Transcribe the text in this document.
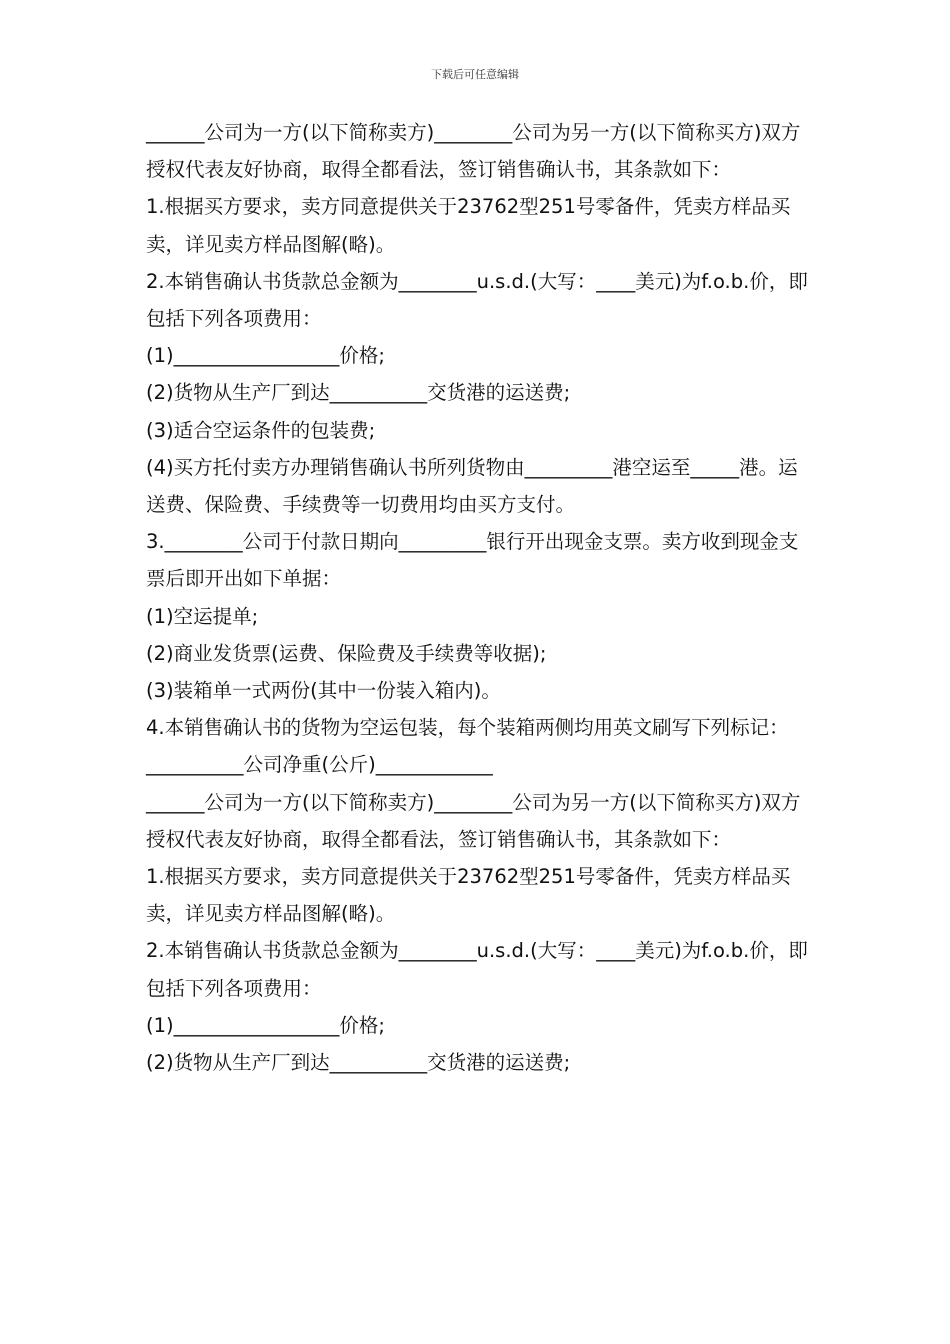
下载后可任意编辑

______公司为一方(以下简称卖方)________公司为另一方(以下简称买方)双方授权代表友好协商，取得全都看法，签订销售确认书，其条款如下：

1.根据买方要求，卖方同意提供关于23762型251号零备件，凭卖方样品买卖，详见卖方样品图解(略)。

2.本销售确认书货款总金额为________u.s.d.(大写：____美元)为f.o.b.价，即包括下列各项费用：

(1)_________________价格;

(2)货物从生产厂到达__________交货港的运送费;

(3)适合空运条件的包装费;

(4)买方托付卖方办理销售确认书所列货物由_________港空运至_____港。运送费、保险费、手续费等一切费用均由买方支付。

3.________公司于付款日期向_________银行开出现金支票。卖方收到现金支票后即开出如下单据：

(1)空运提单;

(2)商业发货票(运费、保险费及手续费等收据);

(3)装箱单一式两份(其中一份装入箱内)。

4.本销售确认书的货物为空运包装，每个装箱两侧均用英文刷写下列标记：

__________公司净重(公斤)____________

______公司为一方(以下简称卖方)________公司为另一方(以下简称买方)双方授权代表友好协商，取得全都看法，签订销售确认书，其条款如下：

1.根据买方要求，卖方同意提供关于23762型251号零备件，凭卖方样品买卖，详见卖方样品图解(略)。

2.本销售确认书货款总金额为________u.s.d.(大写：____美元)为f.o.b.价，即包括下列各项费用：

(1)_________________价格;

(2)货物从生产厂到达__________交货港的运送费;
